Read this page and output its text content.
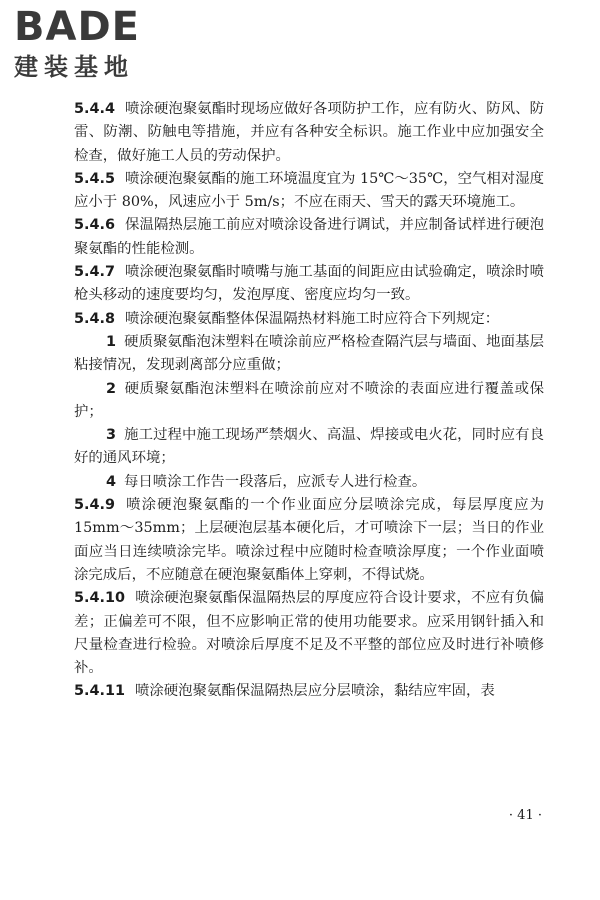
BADE
建装基地

5.4.4 喷涂硬泡聚氨酯时现场应做好各项防护工作，应有防火、防风、防雷、防潮、防触电等措施，并应有各种安全标识。施工作业中应加强安全检查，做好施工人员的劳动保护。

5.4.5 喷涂硬泡聚氨酯的施工环境温度宜为 15℃～35℃，空气相对湿度应小于 80%，风速应小于 5m/s；不应在雨天、雪天的露天环境施工。

5.4.6 保温隔热层施工前应对喷涂设备进行调试，并应制备试样进行硬泡聚氨酯的性能检测。

5.4.7 喷涂硬泡聚氨酯时喷嘴与施工基面的间距应由试验确定，喷涂时喷枪头移动的速度要均匀，发泡厚度、密度应均匀一致。

5.4.8 喷涂硬泡聚氨酯整体保温隔热材料施工时应符合下列规定：

1 硬质聚氨酯泡沫塑料在喷涂前应严格检查隔汽层与墙面、地面基层粘接情况，发现剥离部分应重做；

2 硬质聚氨酯泡沫塑料在喷涂前应对不喷涂的表面应进行覆盖或保护；

3 施工过程中施工现场严禁烟火、高温、焊接或电火花，同时应有良好的通风环境；

4 每日喷涂工作告一段落后，应派专人进行检查。

5.4.9 喷涂硬泡聚氨酯的一个作业面应分层喷涂完成，每层厚度应为 15mm～35mm；上层硬泡层基本硬化后，才可喷涂下一层；当日的作业面应当日连续喷涂完毕。喷涂过程中应随时检查喷涂厚度；一个作业面喷涂完成后，不应随意在硬泡聚氨酯体上穿刺，不得试烧。

5.4.10 喷涂硬泡聚氨酯保温隔热层的厚度应符合设计要求，不应有负偏差；正偏差可不限，但不应影响正常的使用功能要求。应采用钢针插入和尺量检查进行检验。对喷涂后厚度不足及不平整的部位应及时进行补喷修补。

5.4.11 喷涂硬泡聚氨酯保温隔热层应分层喷涂，黏结应牢固，表

· 41 ·
